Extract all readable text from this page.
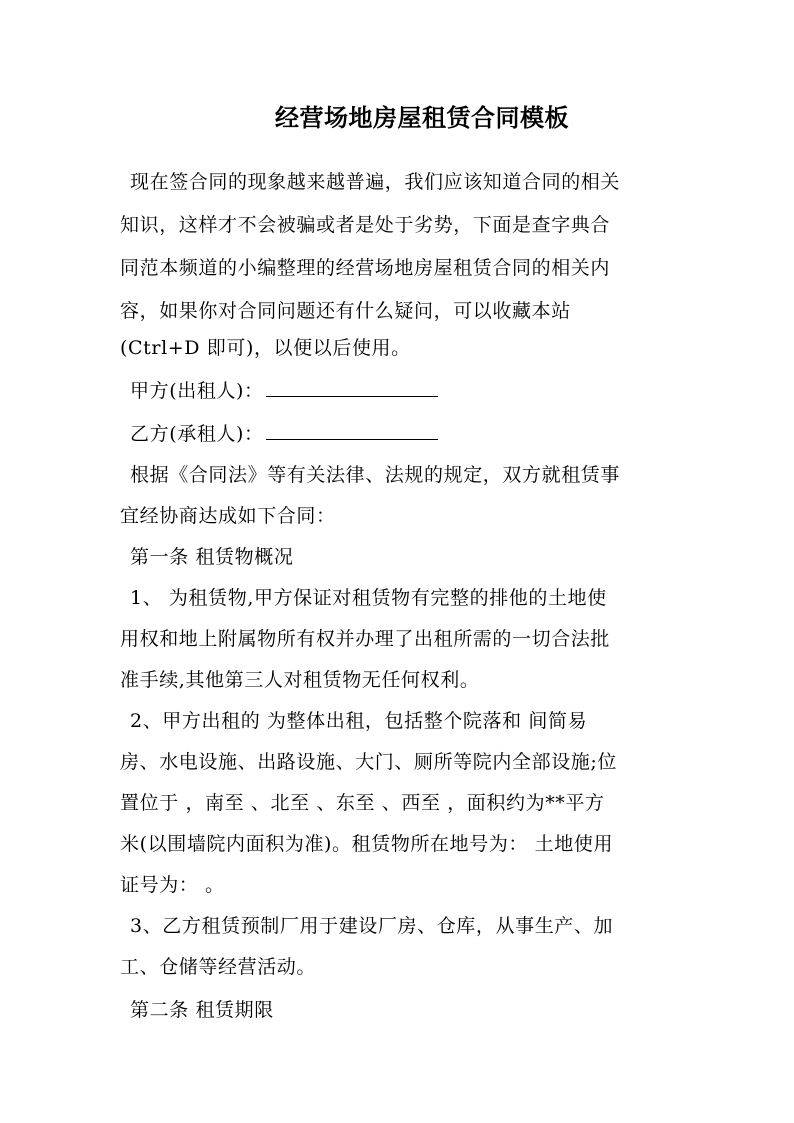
经营场地房屋租赁合同模板
现在签合同的现象越来越普遍，我们应该知道合同的相关
知识，这样才不会被骗或者是处于劣势，下面是查字典合
同范本频道的小编整理的经营场地房屋租赁合同的相关内
容，如果你对合同问题还有什么疑问，可以收藏本站
(Ctrl+D 即可)，以便以后使用。
甲方(出租人)：
乙方(承租人)：
根据《合同法》等有关法律、法规的规定，双方就租赁事
宜经协商达成如下合同：
第一条 租赁物概况
1、 为租赁物,甲方保证对租赁物有完整的排他的土地使
用权和地上附属物所有权并办理了出租所需的一切合法批
准手续,其他第三人对租赁物无任何权利。
2、甲方出租的 为整体出租，包括整个院落和 间简易
房、水电设施、出路设施、大门、厕所等院内全部设施;位
置位于 ，南至 、北至 、东至 、西至 ，面积约为**平方
米(以围墙院内面积为准)。租赁物所在地号为： 土地使用
证号为： 。
3、乙方租赁预制厂用于建设厂房、仓库，从事生产、加
工、仓储等经营活动。
第二条 租赁期限
